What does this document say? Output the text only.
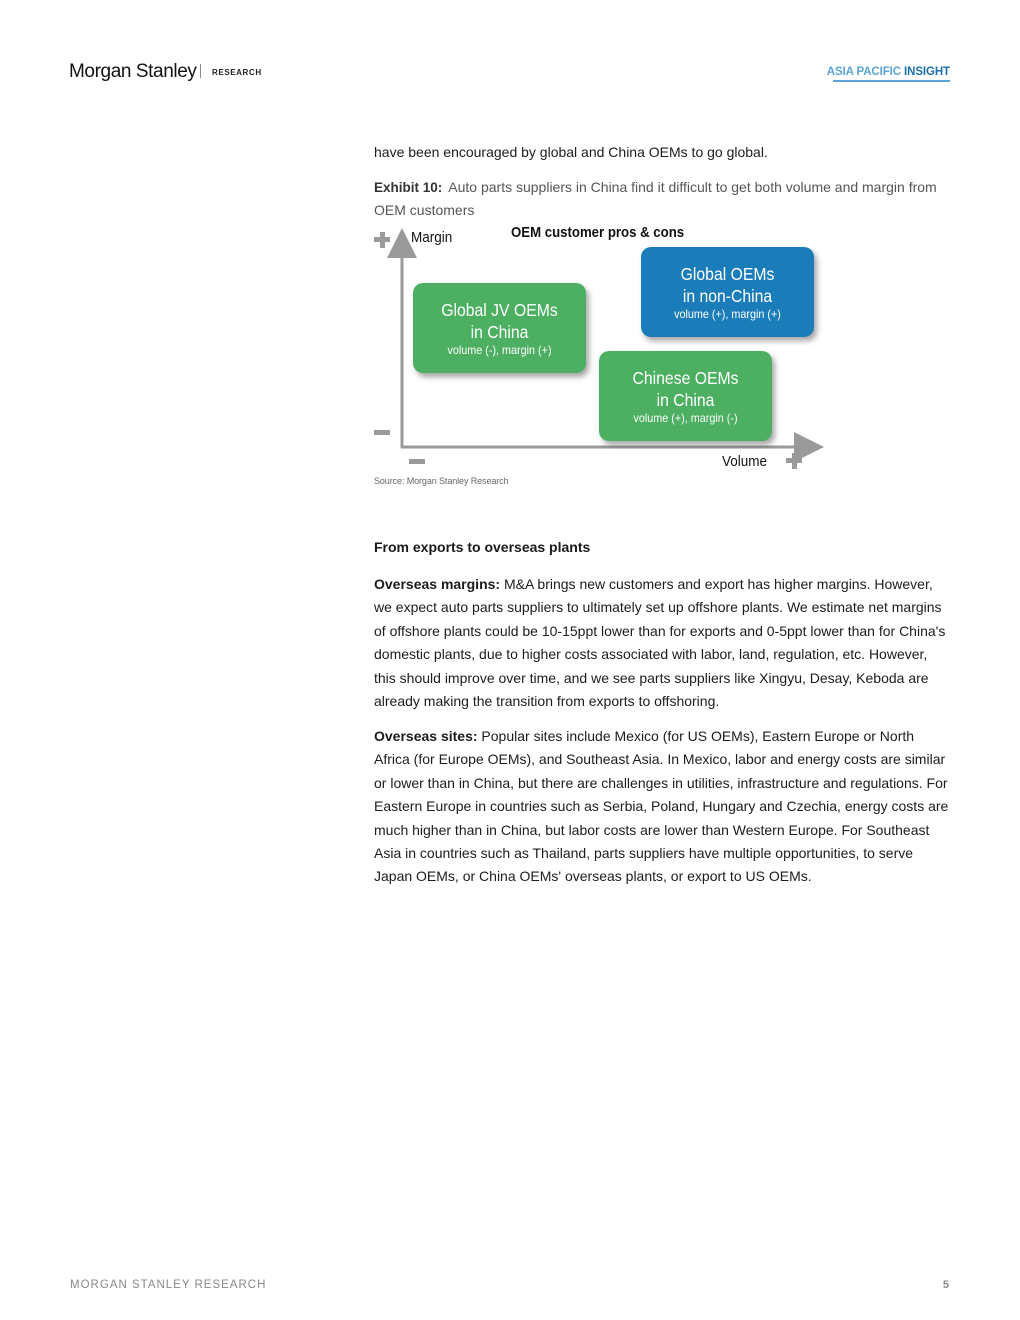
Morgan Stanley RESEARCH	ASIA PACIFIC INSIGHT
have been encouraged by global and China OEMs to go global.
Exhibit 10: Auto parts suppliers in China find it difficult to get both volume and margin from OEM customers
OEM customer pros & cons
Margin
Volume
Global OEMs
in non-China
volume (+), margin (+)
Global JV OEMs
in China
volume (-), margin (+)
Chinese OEMs
in China
volume (+), margin (-)
Source: Morgan Stanley Research
From exports to overseas plants
Overseas margins: M&A brings new customers and export has higher margins. However, we expect auto parts suppliers to ultimately set up offshore plants. We estimate net margins of offshore plants could be 10-15ppt lower than for exports and 0-5ppt lower than for China's domestic plants, due to higher costs associated with labor, land, regulation, etc. However, this should improve over time, and we see parts suppliers like Xingyu, Desay, Keboda are already making the transition from exports to offshoring.
Overseas sites: Popular sites include Mexico (for US OEMs), Eastern Europe or North Africa (for Europe OEMs), and Southeast Asia. In Mexico, labor and energy costs are similar or lower than in China, but there are challenges in utilities, infrastructure and regulations. For Eastern Europe in countries such as Serbia, Poland, Hungary and Czechia, energy costs are much higher than in China, but labor costs are lower than Western Europe. For Southeast Asia in countries such as Thailand, parts suppliers have multiple opportunities, to serve Japan OEMs, or China OEMs' overseas plants, or export to US OEMs.
MORGAN STANLEY RESEARCH	5
